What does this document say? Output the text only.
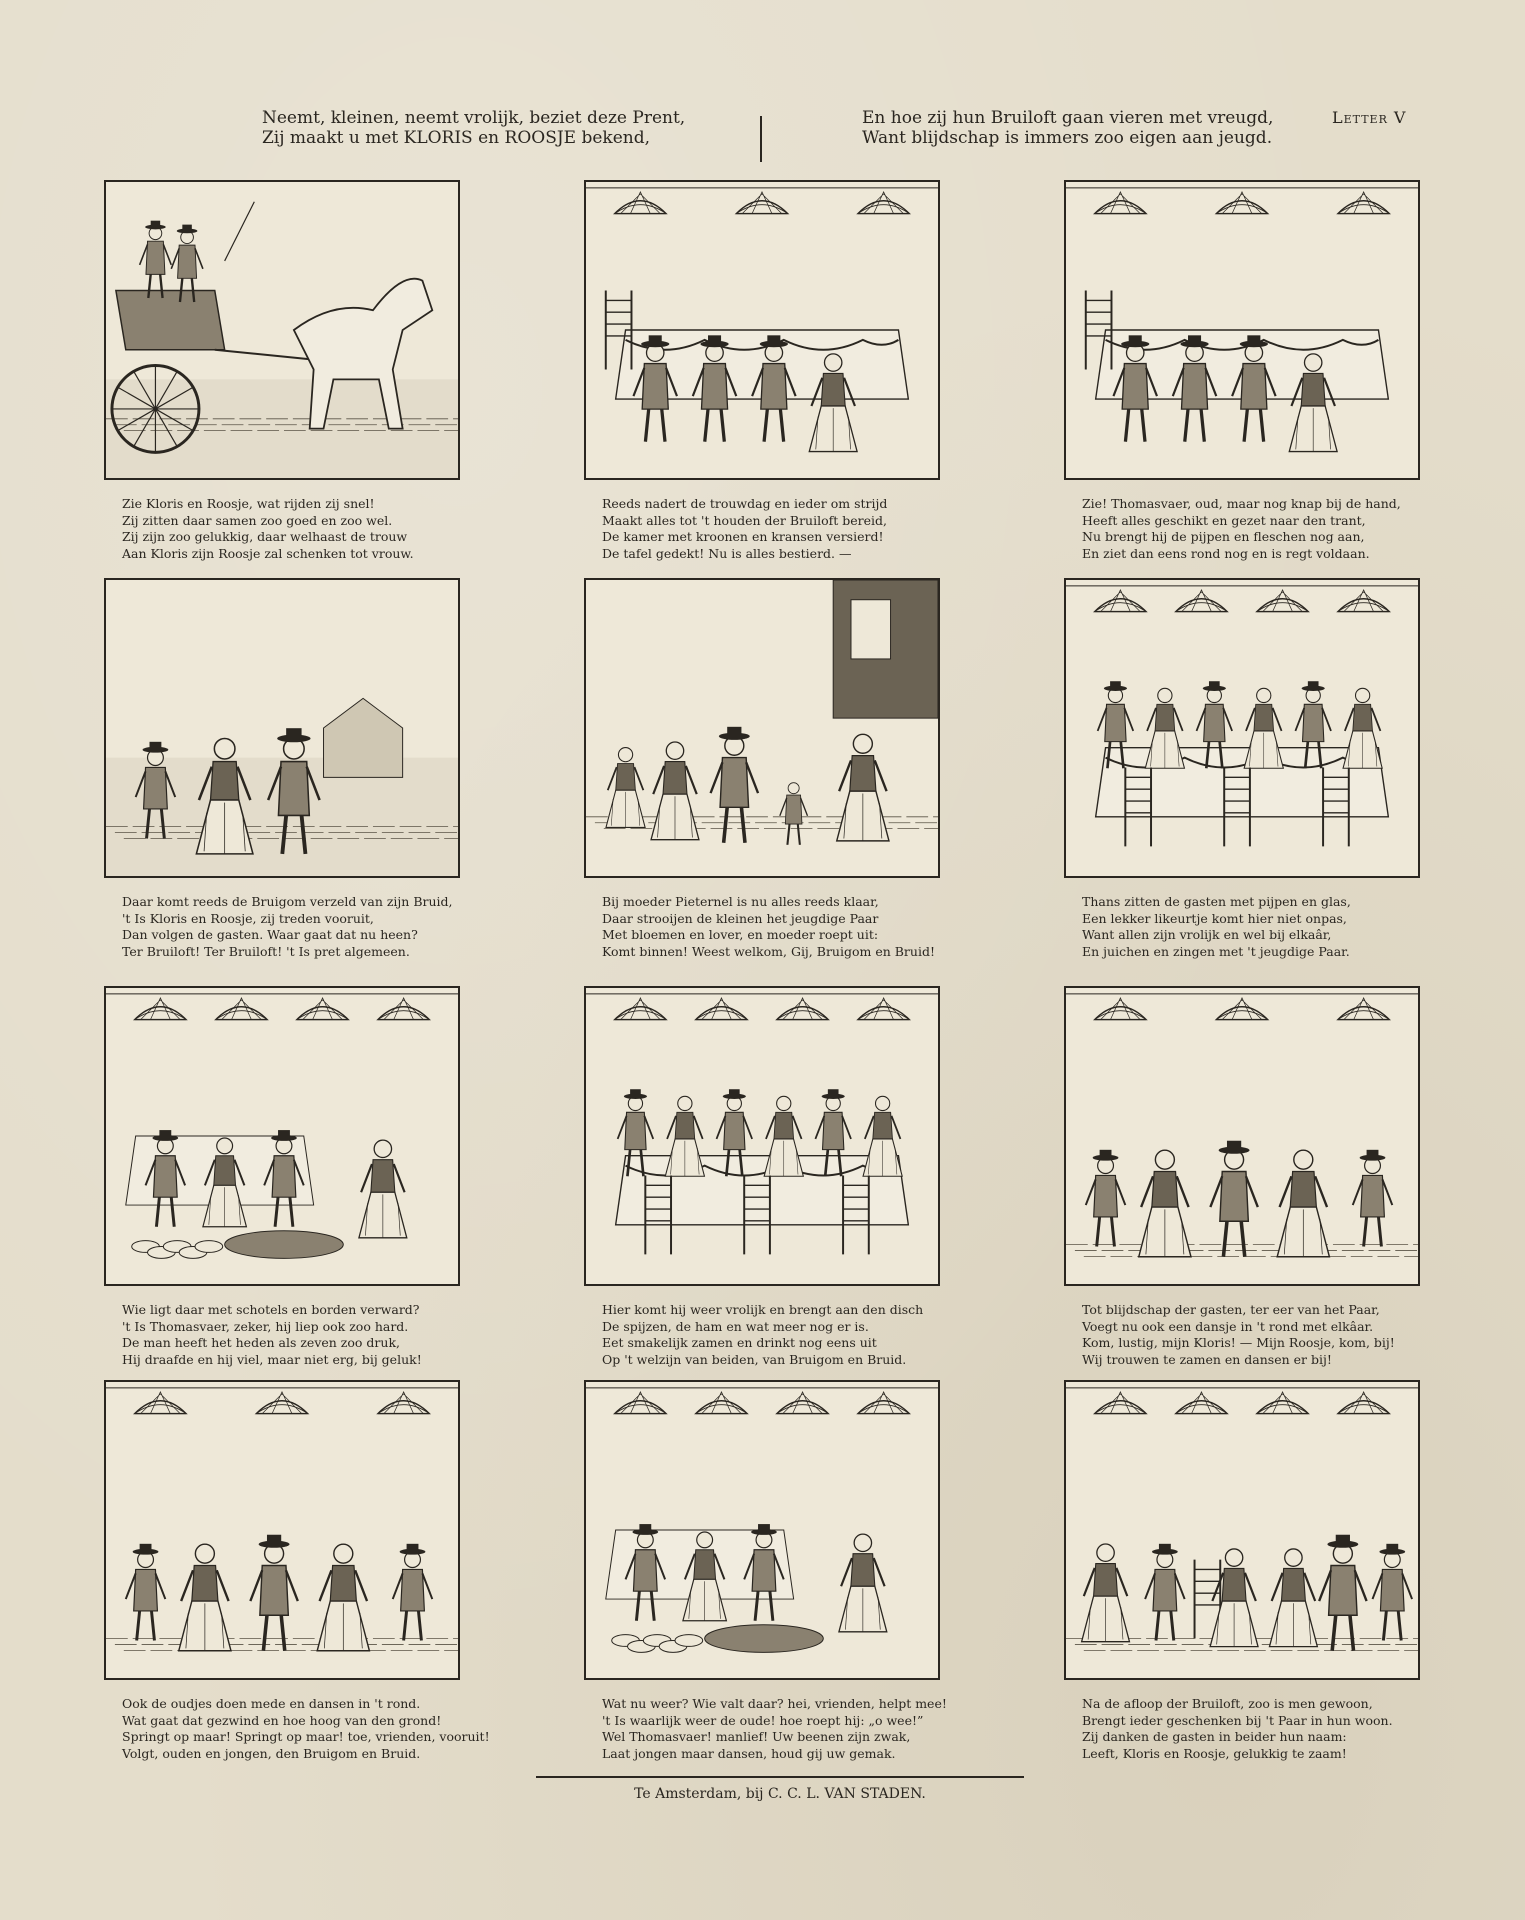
Neemt, kleinen, neemt vrolijk, beziet deze Prent,
Zij maakt u met KLORIS en ROOSJE bekend,
En hoe zij hun Bruiloft gaan vieren met vreugd,
Want blijdschap is immers zoo eigen aan jeugd.
Letter V
Zie Kloris en Roosje, wat rijden zij snel!
Zij zitten daar samen zoo goed en zoo wel.
Zij zijn zoo gelukkig, daar welhaast de trouw
Aan Kloris zijn Roosje zal schenken tot vrouw.
Reeds nadert de trouwdag en ieder om strijd
Maakt alles tot 't houden der Bruiloft bereid,
De kamer met kroonen en kransen versierd!
De tafel gedekt! Nu is alles bestierd. —
Zie! Thomasvaer, oud, maar nog knap bij de hand,
Heeft alles geschikt en gezet naar den trant,
Nu brengt hij de pijpen en fleschen nog aan,
En ziet dan eens rond nog en is regt voldaan.
Daar komt reeds de Bruigom verzeld van zijn Bruid,
't Is Kloris en Roosje, zij treden vooruit,
Dan volgen de gasten. Waar gaat dat nu heen?
Ter Bruiloft! Ter Bruiloft! 't Is pret algemeen.
Bij moeder Pieternel is nu alles reeds klaar,
Daar strooijen de kleinen het jeugdige Paar
Met bloemen en lover, en moeder roept uit:
Komt binnen! Weest welkom, Gij, Bruigom en Bruid!
Thans zitten de gasten met pijpen en glas,
Een lekker likeurtje komt hier niet onpas,
Want allen zijn vrolijk en wel bij elkaâr,
En juichen en zingen met 't jeugdige Paar.
Wie ligt daar met schotels en borden verward?
't Is Thomasvaer, zeker, hij liep ook zoo hard.
De man heeft het heden als zeven zoo druk,
Hij draafde en hij viel, maar niet erg, bij geluk!
Hier komt hij weer vrolijk en brengt aan den disch
De spijzen, de ham en wat meer nog er is.
Eet smakelijk zamen en drinkt nog eens uit
Op 't welzijn van beiden, van Bruigom en Bruid.
Tot blijdschap der gasten, ter eer van het Paar,
Voegt nu ook een dansje in 't rond met elkâar.
Kom, lustig, mijn Kloris! — Mijn Roosje, kom, bij!
Wij trouwen te zamen en dansen er bij!
Ook de oudjes doen mede en dansen in 't rond.
Wat gaat dat gezwind en hoe hoog van den grond!
Springt op maar! Springt op maar! toe, vrienden, vooruit!
Volgt, ouden en jongen, den Bruigom en Bruid.
Wat nu weer? Wie valt daar? hei, vrienden, helpt mee!
't Is waarlijk weer de oude! hoe roept hij: „o wee!”
Wel Thomasvaer! manlief! Uw beenen zijn zwak,
Laat jongen maar dansen, houd gij uw gemak.
Na de afloop der Bruiloft, zoo is men gewoon,
Brengt ieder geschenken bij 't Paar in hun woon.
Zij danken de gasten in beider hun naam:
Leeft, Kloris en Roosje, gelukkig te zaam!
Te Amsterdam, bij C. C. L. VAN STADEN.
